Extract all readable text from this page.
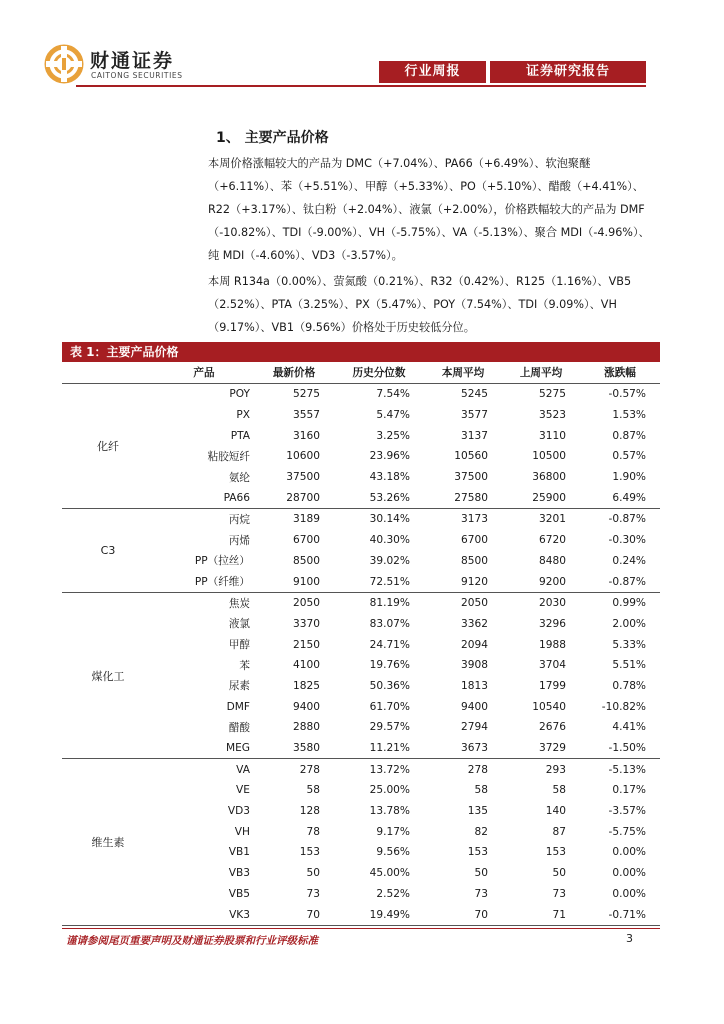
财通证券
CAITONG SECURITIES	行业周报	证券研究报告
1、 主要产品价格

本周价格涨幅较大的产品为 DMC（+7.04%）、PA66（+6.49%）、软泡聚醚（+6.11%）、苯（+5.51%）、甲醇（+5.33%）、PO（+5.10%）、醋酸（+4.41%）、R22（+3.17%）、钛白粉（+2.04%）、液氯（+2.00%），价格跌幅较大的产品为 DMF（-10.82%）、TDI（-9.00%）、VH（-5.75%）、VA（-5.13%）、聚合 MDI（-4.96%）、纯 MDI（-4.60%）、VD3（-3.57%）。

本周 R134a（0.00%）、萤氮酸（0.21%）、R32（0.42%）、R125（1.16%）、VB5（2.52%）、PTA（3.25%）、PX（5.47%）、POY（7.54%）、TDI（9.09%）、VH（9.17%）、VB1（9.56%）价格处于历史较低分位。

表 1：主要产品价格
	产品	最新价格	历史分位数	本周平均	上周平均	涨跌幅
化纤	POY	5275	7.54%	5245	5275	-0.57%
	PX	3557	5.47%	3577	3523	1.53%
	PTA	3160	3.25%	3137	3110	0.87%
	粘胶短纤	10600	23.96%	10560	10500	0.57%
	氨纶	37500	43.18%	37500	36800	1.90%
	PA66	28700	53.26%	27580	25900	6.49%
C3	丙烷	3189	30.14%	3173	3201	-0.87%
	丙烯	6700	40.30%	6700	6720	-0.30%
	PP（拉丝）	8500	39.02%	8500	8480	0.24%
	PP（纤维）	9100	72.51%	9120	9200	-0.87%
煤化工	焦炭	2050	81.19%	2050	2030	0.99%
	液氯	3370	83.07%	3362	3296	2.00%
	甲醇	2150	24.71%	2094	1988	5.33%
	苯	4100	19.76%	3908	3704	5.51%
	尿素	1825	50.36%	1813	1799	0.78%
	DMF	9400	61.70%	9400	10540	-10.82%
	醋酸	2880	29.57%	2794	2676	4.41%
	MEG	3580	11.21%	3673	3729	-1.50%
维生素	VA	278	13.72%	278	293	-5.13%
	VE	58	25.00%	58	58	0.17%
	VD3	128	13.78%	135	140	-3.57%
	VH	78	9.17%	82	87	-5.75%
	VB1	153	9.56%	153	153	0.00%
	VB3	50	45.00%	50	50	0.00%
	VB5	73	2.52%	73	73	0.00%
	VK3	70	19.49%	70	71	-0.71%
谨请参阅尾页重要声明及财通证券股票和行业评级标准	3
